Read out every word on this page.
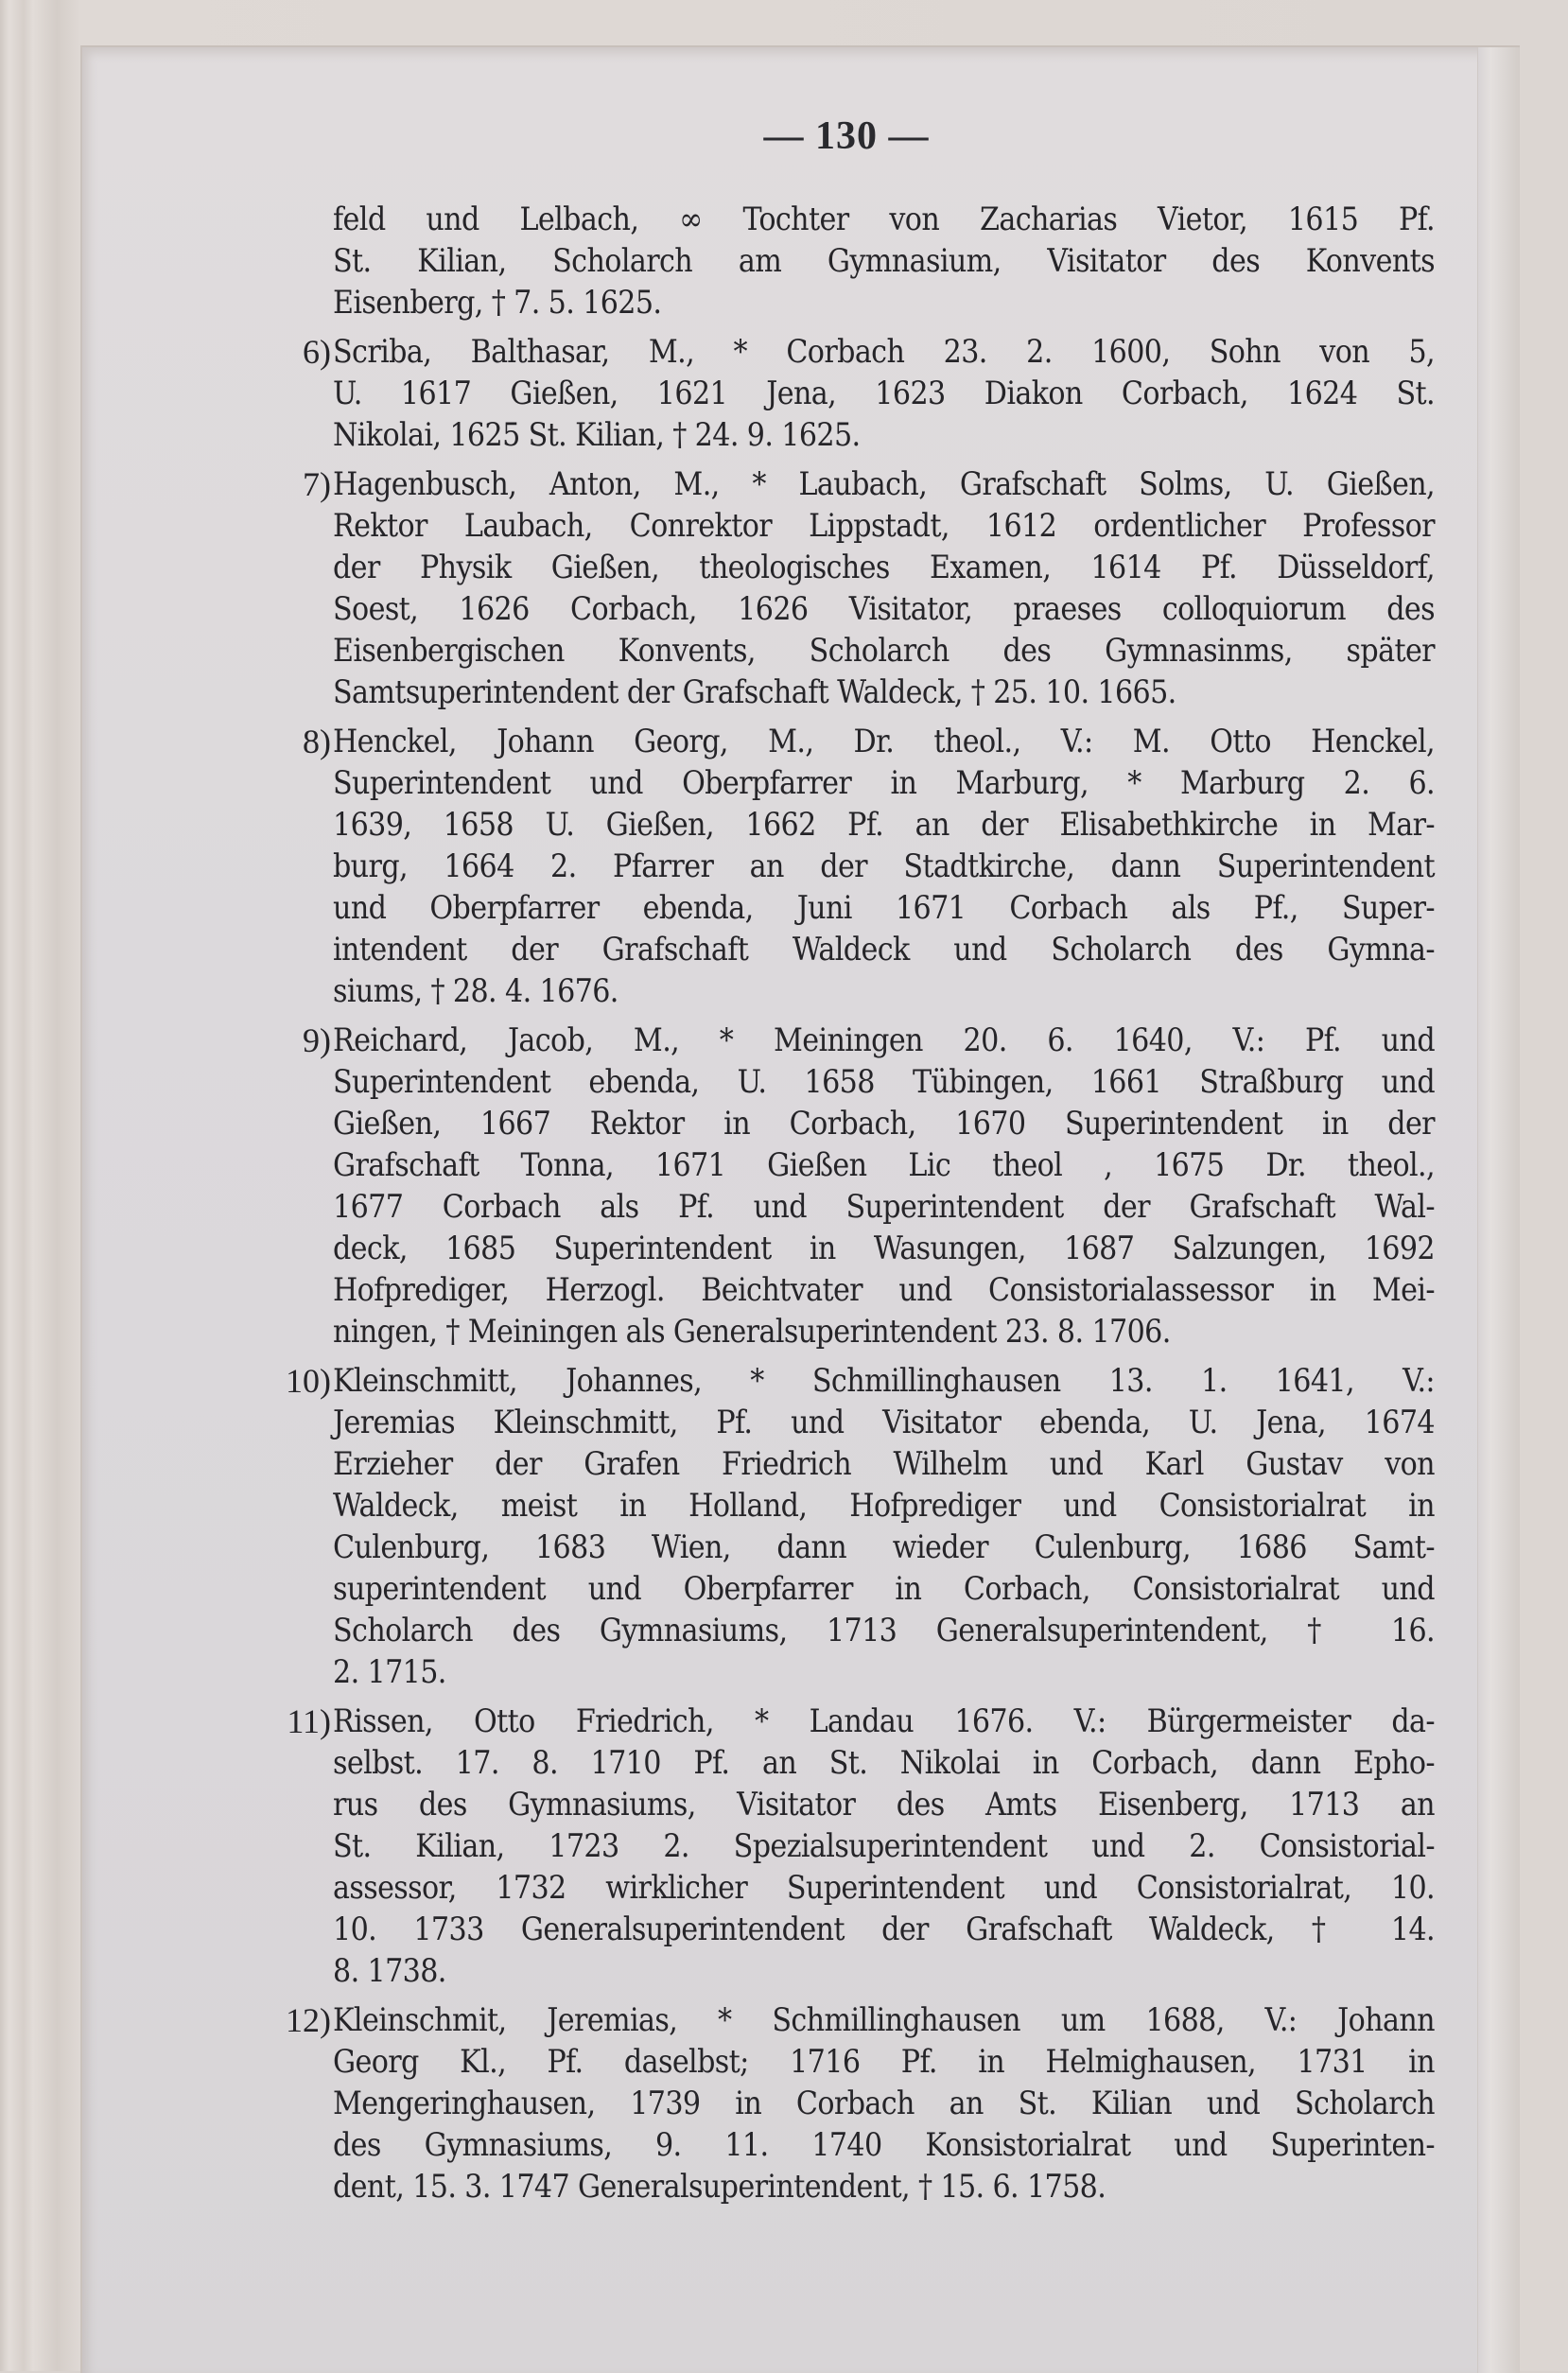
— 130 —
feld und Lelbach, ∞ Tochter von Zacharias Vietor, 1615 Pf.
St. Kilian, Scholarch am Gymnasium, Visitator des Konvents
Eisenberg, † 7. 5. 1625.
6) Scriba, Balthasar, M., * Corbach 23. 2. 1600, Sohn von 5,
U. 1617 Gießen, 1621 Jena, 1623 Diakon Corbach, 1624 St.
Nikolai, 1625 St. Kilian, † 24. 9. 1625.
7) Hagenbusch, Anton, M., * Laubach, Grafschaft Solms, U. Gießen,
Rektor Laubach, Conrektor Lippstadt, 1612 ordentlicher Professor
der Physik Gießen, theologisches Examen, 1614 Pf. Düsseldorf,
Soest, 1626 Corbach, 1626 Visitator, praeses colloquiorum des
Eisenbergischen Konvents, Scholarch des Gymnasinms, später
Samtsuperintendent der Grafschaft Waldeck, † 25. 10. 1665.
8) Henckel, Johann Georg, M., Dr. theol., V.: M. Otto Henckel,
Superintendent und Oberpfarrer in Marburg, * Marburg 2. 6.
1639, 1658 U. Gießen, 1662 Pf. an der Elisabethkirche in Mar-
burg, 1664 2. Pfarrer an der Stadtkirche, dann Superintendent
und Oberpfarrer ebenda, Juni 1671 Corbach als Pf., Super-
intendent der Grafschaft Waldeck und Scholarch des Gymna-
siums, † 28. 4. 1676.
9) Reichard, Jacob, M., * Meiningen 20. 6. 1640, V.: Pf. und
Superintendent ebenda, U. 1658 Tübingen, 1661 Straßburg und
Gießen, 1667 Rektor in Corbach, 1670 Superintendent in der
Grafschaft Tonna, 1671 Gießen Lic theol , 1675 Dr. theol.,
1677 Corbach als Pf. und Superintendent der Grafschaft Wal-
deck, 1685 Superintendent in Wasungen, 1687 Salzungen, 1692
Hofprediger, Herzogl. Beichtvater und Consistorialassessor in Mei-
ningen, † Meiningen als Generalsuperintendent 23. 8. 1706.
10) Kleinschmitt, Johannes, * Schmillinghausen 13. 1. 1641, V.:
Jeremias Kleinschmitt, Pf. und Visitator ebenda, U. Jena, 1674
Erzieher der Grafen Friedrich Wilhelm und Karl Gustav von
Waldeck, meist in Holland, Hofprediger und Consistorialrat in
Culenburg, 1683 Wien, dann wieder Culenburg, 1686 Samt-
superintendent und Oberpfarrer in Corbach, Consistorialrat und
Scholarch des Gymnasiums, 1713 Generalsuperintendent, † 16.
2. 1715.
11) Rissen, Otto Friedrich, * Landau 1676. V.: Bürgermeister da-
selbst. 17. 8. 1710 Pf. an St. Nikolai in Corbach, dann Epho-
rus des Gymnasiums, Visitator des Amts Eisenberg, 1713 an
St. Kilian, 1723 2. Spezialsuperintendent und 2. Consistorial-
assessor, 1732 wirklicher Superintendent und Consistorialrat, 10.
10. 1733 Generalsuperintendent der Grafschaft Waldeck, † 14.
8. 1738.
12) Kleinschmit, Jeremias, * Schmillinghausen um 1688, V.: Johann
Georg Kl., Pf. daselbst; 1716 Pf. in Helmighausen, 1731 in
Mengeringhausen, 1739 in Corbach an St. Kilian und Scholarch
des Gymnasiums, 9. 11. 1740 Konsistorialrat und Superinten-
dent, 15. 3. 1747 Generalsuperintendent, † 15. 6. 1758.
